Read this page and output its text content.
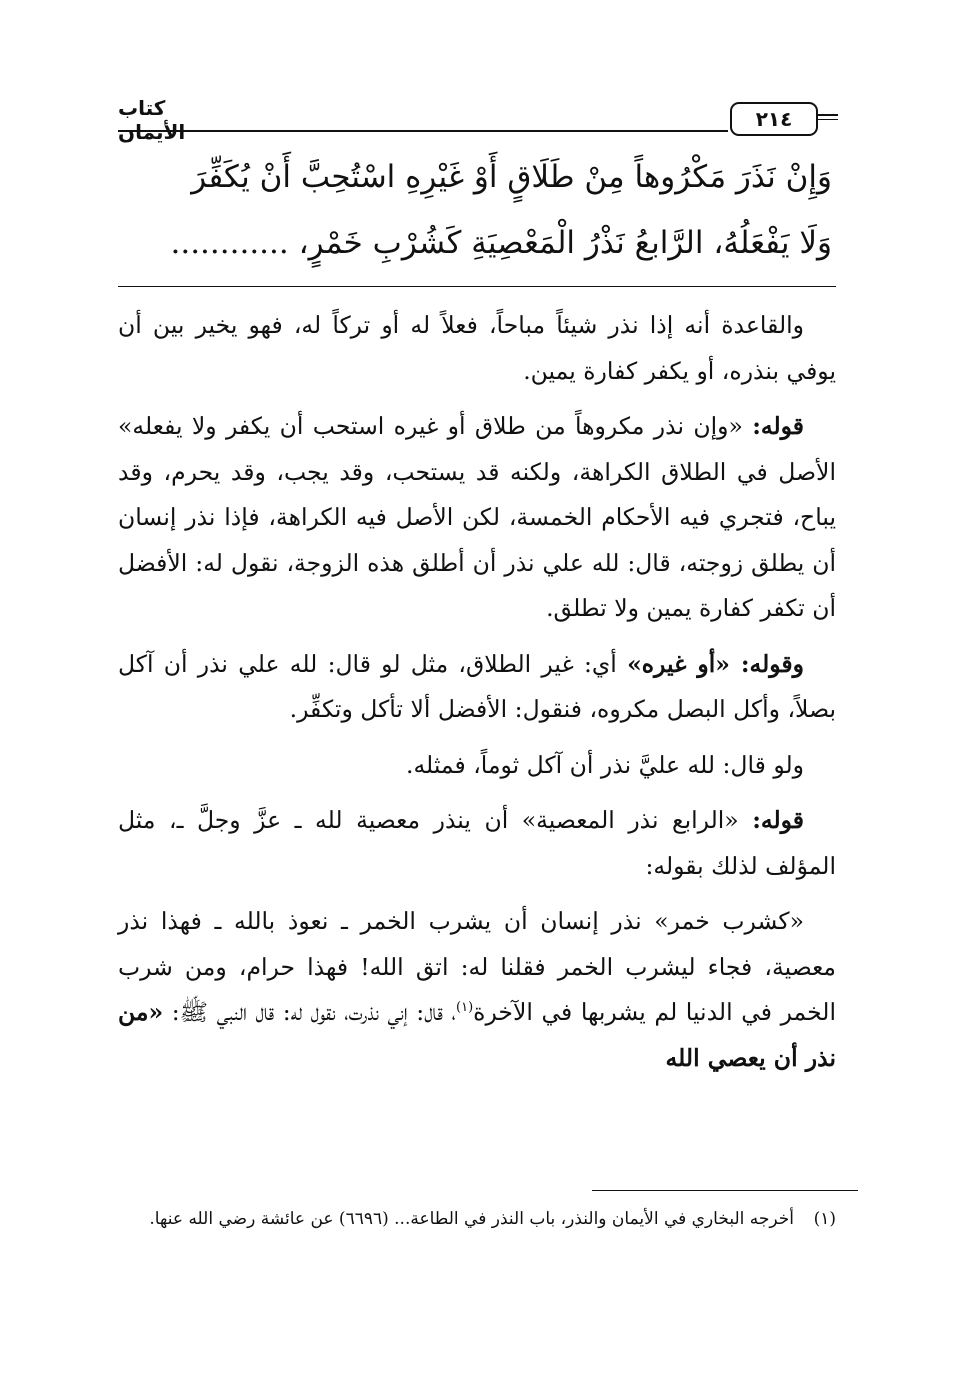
٢١٤
كتاب الأيمان
وَإِنْ نَذَرَ مَكْرُوهاً مِنْ طَلَاقٍ أَوْ غَيْرِهِ اسْتُحِبَّ أَنْ يُكَفِّرَ
وَلَا يَفْعَلُهُ، الرَّابعُ نَذْرُ الْمَعْصِيَةِ كَشُرْبِ خَمْرٍ، ............

والقاعدة أنه إذا نذر شيئاً مباحاً، فعلاً له أو تركاً له، فهو يخير بين أن يوفي بنذره، أو يكفر كفارة يمين.

قوله: «وإن نذر مكروهاً من طلاق أو غيره استحب أن يكفر ولا يفعله» الأصل في الطلاق الكراهة، ولكنه قد يستحب، وقد يجب، وقد يحرم، وقد يباح، فتجري فيه الأحكام الخمسة، لكن الأصل فيه الكراهة، فإذا نذر إنسان أن يطلق زوجته، قال: لله علي نذر أن أطلق هذه الزوجة، نقول له: الأفضل أن تكفر كفارة يمين ولا تطلق.

وقوله: «أو غيره» أي: غير الطلاق، مثل لو قال: لله علي نذر أن آكل بصلاً، وأكل البصل مكروه، فنقول: الأفضل ألا تأكل وتكفِّر.

ولو قال: لله عليَّ نذر أن آكل ثوماً، فمثله.

قوله: «الرابع نذر المعصية» أن ينذر معصية لله ـ عزَّ وجلَّ ـ، مثل المؤلف لذلك بقوله:

«كشرب خمر» نذر إنسان أن يشرب الخمر ـ نعوذ بالله ـ فهذا نذر معصية، فجاء ليشرب الخمر فقلنا له: اتق الله! فهذا حرام، ومن شرب الخمر في الدنيا لم يشربها في الآخرة$^{(١)}$، قال: إني نذرت، نقول له: قال النبي ﷺ: «من نذر أن يعصي الله

(١)أخرجه البخاري في الأيمان والنذر، باب النذر في الطاعة... (٦٦٩٦) عن عائشة رضي الله عنها.
